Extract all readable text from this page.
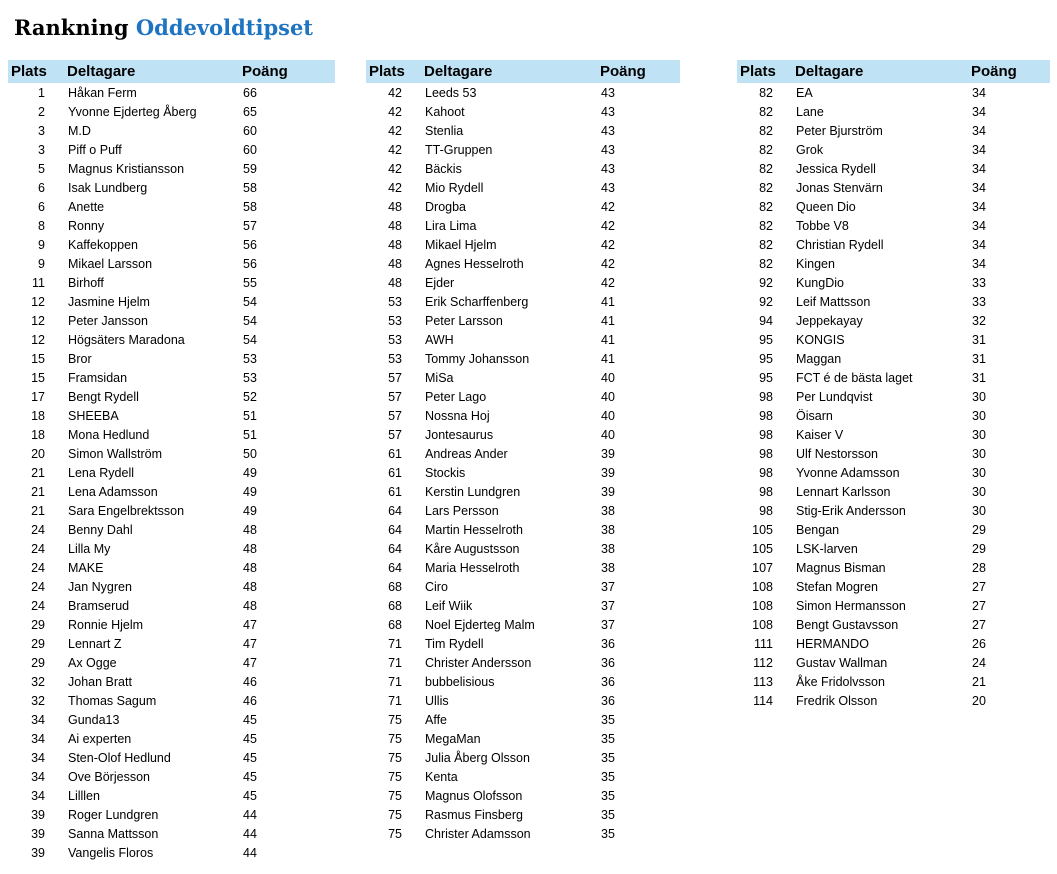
Rankning Oddevoldtipset
Plats	Deltagare	Poäng
1	Håkan Ferm	66
2	Yvonne Ejderteg Åberg	65
3	M.D	60
3	Piff o Puff	60
5	Magnus Kristiansson	59
6	Isak Lundberg	58
6	Anette	58
8	Ronny	57
9	Kaffekoppen	56
9	Mikael Larsson	56
11	Birhoff	55
12	Jasmine Hjelm	54
12	Peter Jansson	54
12	Högsäters Maradona	54
15	Bror	53
15	Framsidan	53
17	Bengt Rydell	52
18	SHEEBA	51
18	Mona Hedlund	51
20	Simon Wallström	50
21	Lena Rydell	49
21	Lena Adamsson	49
21	Sara Engelbrektsson	49
24	Benny Dahl	48
24	Lilla My	48
24	MAKE	48
24	Jan Nygren	48
24	Bramserud	48
29	Ronnie Hjelm	47
29	Lennart Z	47
29	Ax Ogge	47
32	Johan Bratt	46
32	Thomas Sagum	46
34	Gunda13	45
34	Ai experten	45
34	Sten-Olof Hedlund	45
34	Ove Börjesson	45
34	Lilllen	45
39	Roger Lundgren	44
39	Sanna Mattsson	44
39	Vangelis Floros	44
Plats	Deltagare	Poäng
42	Leeds 53	43
42	Kahoot	43
42	Stenlia	43
42	TT-Gruppen	43
42	Bäckis	43
42	Mio Rydell	43
48	Drogba	42
48	Lira Lima	42
48	Mikael Hjelm	42
48	Agnes Hesselroth	42
48	Ejder	42
53	Erik Scharffenberg	41
53	Peter Larsson	41
53	AWH	41
53	Tommy Johansson	41
57	MiSa	40
57	Peter Lago	40
57	Nossna Hoj	40
57	Jontesaurus	40
61	Andreas Ander	39
61	Stockis	39
61	Kerstin Lundgren	39
64	Lars Persson	38
64	Martin Hesselroth	38
64	Kåre Augustsson	38
64	Maria Hesselroth	38
68	Ciro	37
68	Leif Wiik	37
68	Noel Ejderteg Malm	37
71	Tim Rydell	36
71	Christer Andersson	36
71	bubbelisious	36
71	Ullis	36
75	Affe	35
75	MegaMan	35
75	Julia Åberg Olsson	35
75	Kenta	35
75	Magnus Olofsson	35
75	Rasmus Finsberg	35
75	Christer Adamsson	35
Plats	Deltagare	Poäng
82	EA	34
82	Lane	34
82	Peter Bjurström	34
82	Grok	34
82	Jessica Rydell	34
82	Jonas Stenvärn	34
82	Queen Dio	34
82	Tobbe V8	34
82	Christian Rydell	34
82	Kingen	34
92	KungDio	33
92	Leif Mattsson	33
94	Jeppekayay	32
95	KONGIS	31
95	Maggan	31
95	FCT é de bästa laget	31
98	Per Lundqvist	30
98	Öisarn	30
98	Kaiser V	30
98	Ulf Nestorsson	30
98	Yvonne Adamsson	30
98	Lennart Karlsson	30
98	Stig-Erik Andersson	30
105	Bengan	29
105	LSK-larven	29
107	Magnus Bisman	28
108	Stefan Mogren	27
108	Simon Hermansson	27
108	Bengt Gustavsson	27
111	HERMANDO	26
112	Gustav Wallman	24
113	Åke Fridolvsson	21
114	Fredrik Olsson	20
